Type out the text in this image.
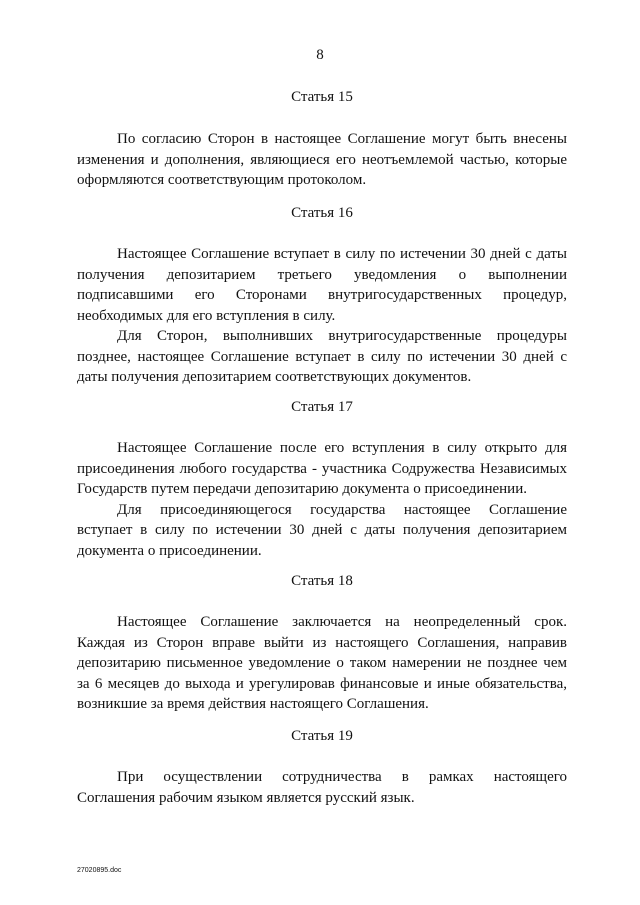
8

Статья 15

По согласию Сторон в настоящее Соглашение могут быть внесены изменения и дополнения, являющиеся его неотъемлемой частью, которые оформляются соответствующим протоколом.

Статья 16

Настоящее Соглашение вступает в силу по истечении 30 дней с даты получения депозитарием третьего уведомления о выполнении подписавшими его Сторонами внутригосударственных процедур, необходимых для его вступления в силу.

Для Сторон, выполнивших внутригосударственные процедуры позднее, настоящее Соглашение вступает в силу по истечении 30 дней с даты получения депозитарием соответствующих документов.

Статья 17

Настоящее Соглашение после его вступления в силу открыто для присоединения любого государства - участника Содружества Независимых Государств путем передачи депозитарию документа о присоединении.

Для присоединяющегося государства настоящее Соглашение вступает в силу по истечении 30 дней с даты получения депозитарием документа о присоединении.

Статья 18

Настоящее Соглашение заключается на неопределенный срок. Каждая из Сторон вправе выйти из настоящего Соглашения, направив депозитарию письменное уведомление о таком намерении не позднее чем за 6 месяцев до выхода и урегулировав финансовые и иные обязательства, возникшие за время действия настоящего Соглашения.

Статья 19

При осуществлении сотрудничества в рамках настоящего Соглашения рабочим языком является русский язык.

27020895.doc
